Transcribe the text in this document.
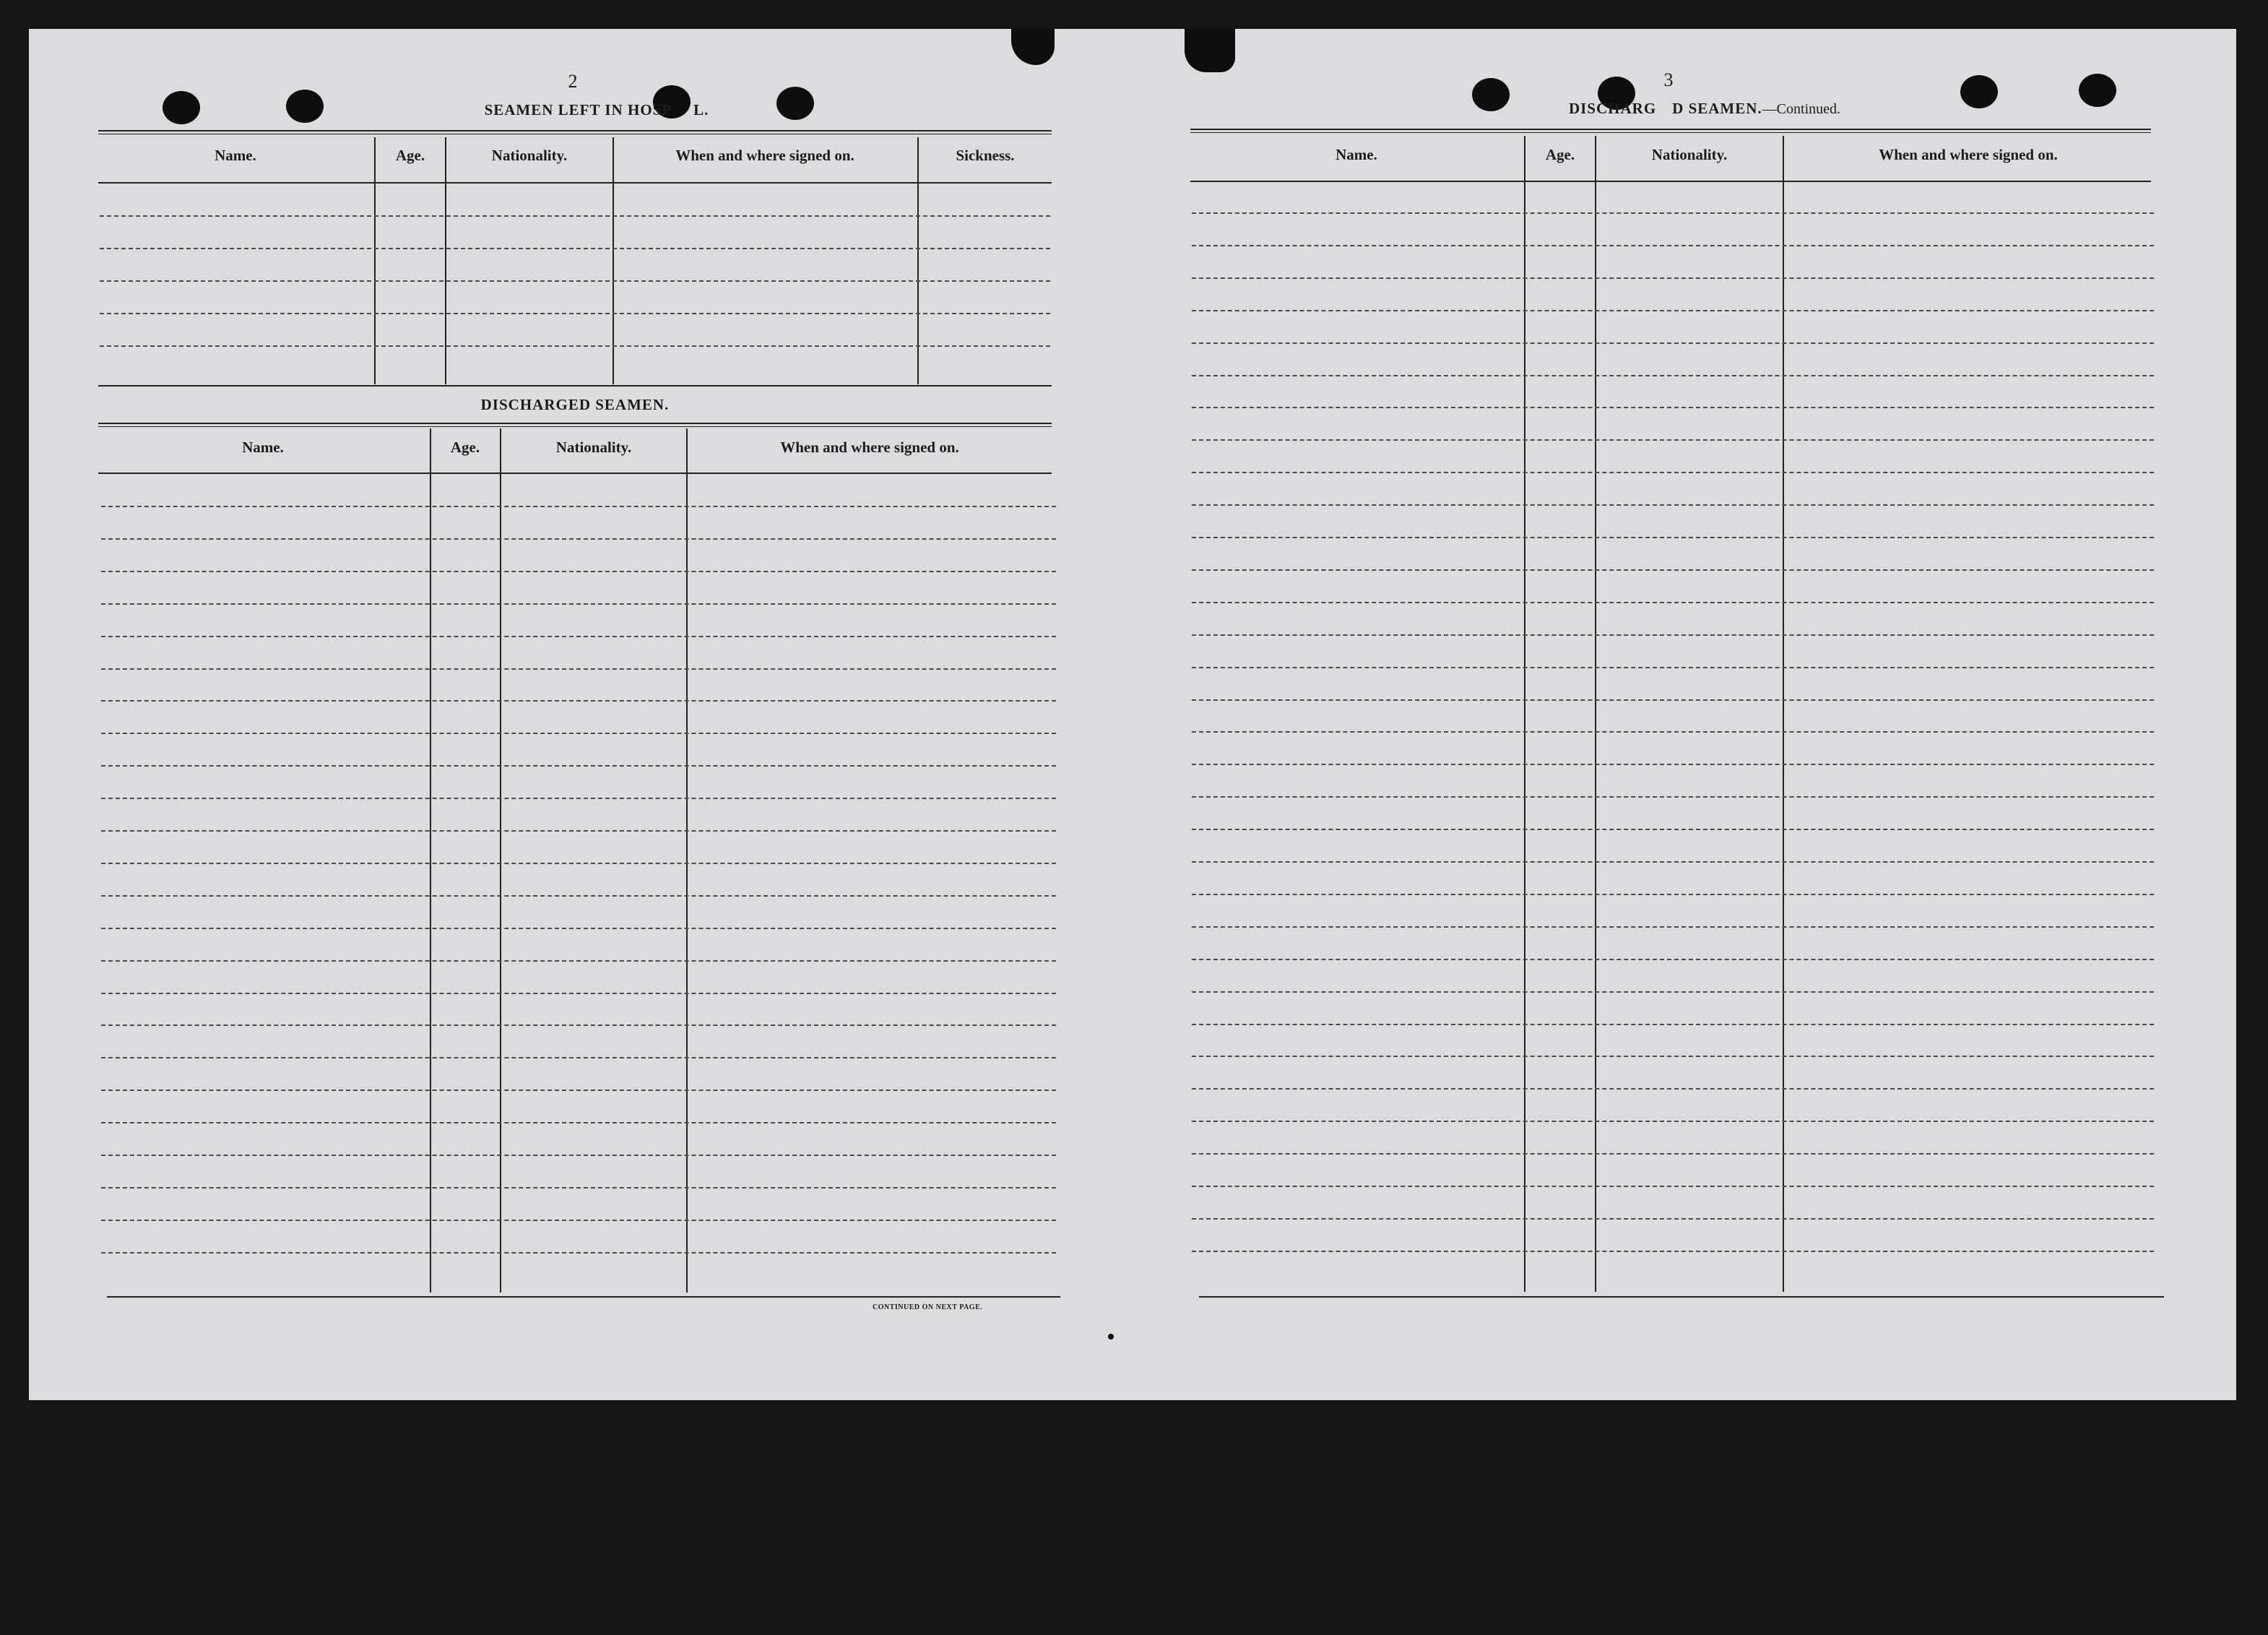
2
SEAMEN LEFT IN HOSP L.
Name.	Age.	Nationality.	When and where signed on.	Sickness.
DISCHARGED SEAMEN.
Name.	Age.	Nationality.	When and where signed on.
CONTINUED ON NEXT PAGE.
3
DISCHARG D SEAMEN.—Continued.
Name.	Age.	Nationality.	When and where signed on.
